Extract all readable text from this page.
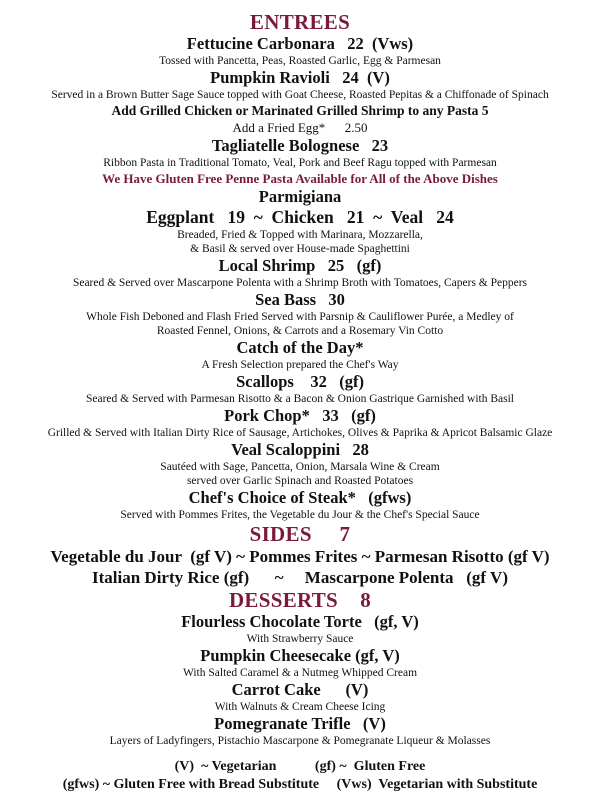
ENTREES
Fettucine Carbonara   22  (Vws)
Tossed with Pancetta, Peas, Roasted Garlic, Egg & Parmesan
Pumpkin Ravioli   24  (V)
Served in a Brown Butter Sage Sauce topped with Goat Cheese, Roasted Pepitas & a Chiffonade of Spinach
Add Grilled Chicken or Marinated Grilled Shrimp to any Pasta 5
Add a Fried Egg*      2.50
Tagliatelle Bolognese   23
Ribbon Pasta in Traditional Tomato, Veal, Pork and Beef Ragu topped with Parmesan
We Have Gluten Free Penne Pasta Available for All of the Above Dishes
Parmigiana
Eggplant   19  ~  Chicken   21  ~  Veal   24
Breaded, Fried & Topped with Marinara, Mozzarella,
& Basil & served over House-made Spaghettini
Local Shrimp   25   (gf)
Seared & Served over Mascarpone Polenta with a Shrimp Broth with Tomatoes, Capers & Peppers
Sea Bass   30
Whole Fish Deboned and Flash Fried Served with Parsnip & Cauliflower Purée, a Medley of
Roasted Fennel, Onions, & Carrots and a Rosemary Vin Cotto
Catch of the Day*
A Fresh Selection prepared the Chef's Way
Scallops    32   (gf)
Seared & Served with Parmesan Risotto & a Bacon & Onion Gastrique Garnished with Basil
Pork Chop*   33   (gf)
Grilled & Served with Italian Dirty Rice of Sausage, Artichokes, Olives & Paprika & Apricot Balsamic Glaze
Veal Scaloppini   28
Sautéed with Sage, Pancetta, Onion, Marsala Wine & Cream
served over Garlic Spinach and Roasted Potatoes
Chef's Choice of Steak*   (gfws)
Served with Pommes Frites, the Vegetable du Jour & the Chef's Special Sauce
SIDES     7
Vegetable du Jour  (gf V) ~ Pommes Frites ~ Parmesan Risotto (gf V)
Italian Dirty Rice (gf)      ~     Mascarpone Polenta   (gf V)
DESSERTS    8
Flourless Chocolate Torte   (gf, V)
With Strawberry Sauce
Pumpkin Cheesecake (gf, V)
With Salted Caramel & a Nutmeg Whipped Cream
Carrot Cake      (V)
With Walnuts & Cream Cheese Icing
Pomegranate Trifle   (V)
Layers of Ladyfingers, Pistachio Mascarpone & Pomegranate Liqueur & Molasses
(V)  ~ Vegetarian           (gf) ~  Gluten Free
(gfws) ~ Gluten Free with Bread Substitute     (Vws)  Vegetarian with Substitute
